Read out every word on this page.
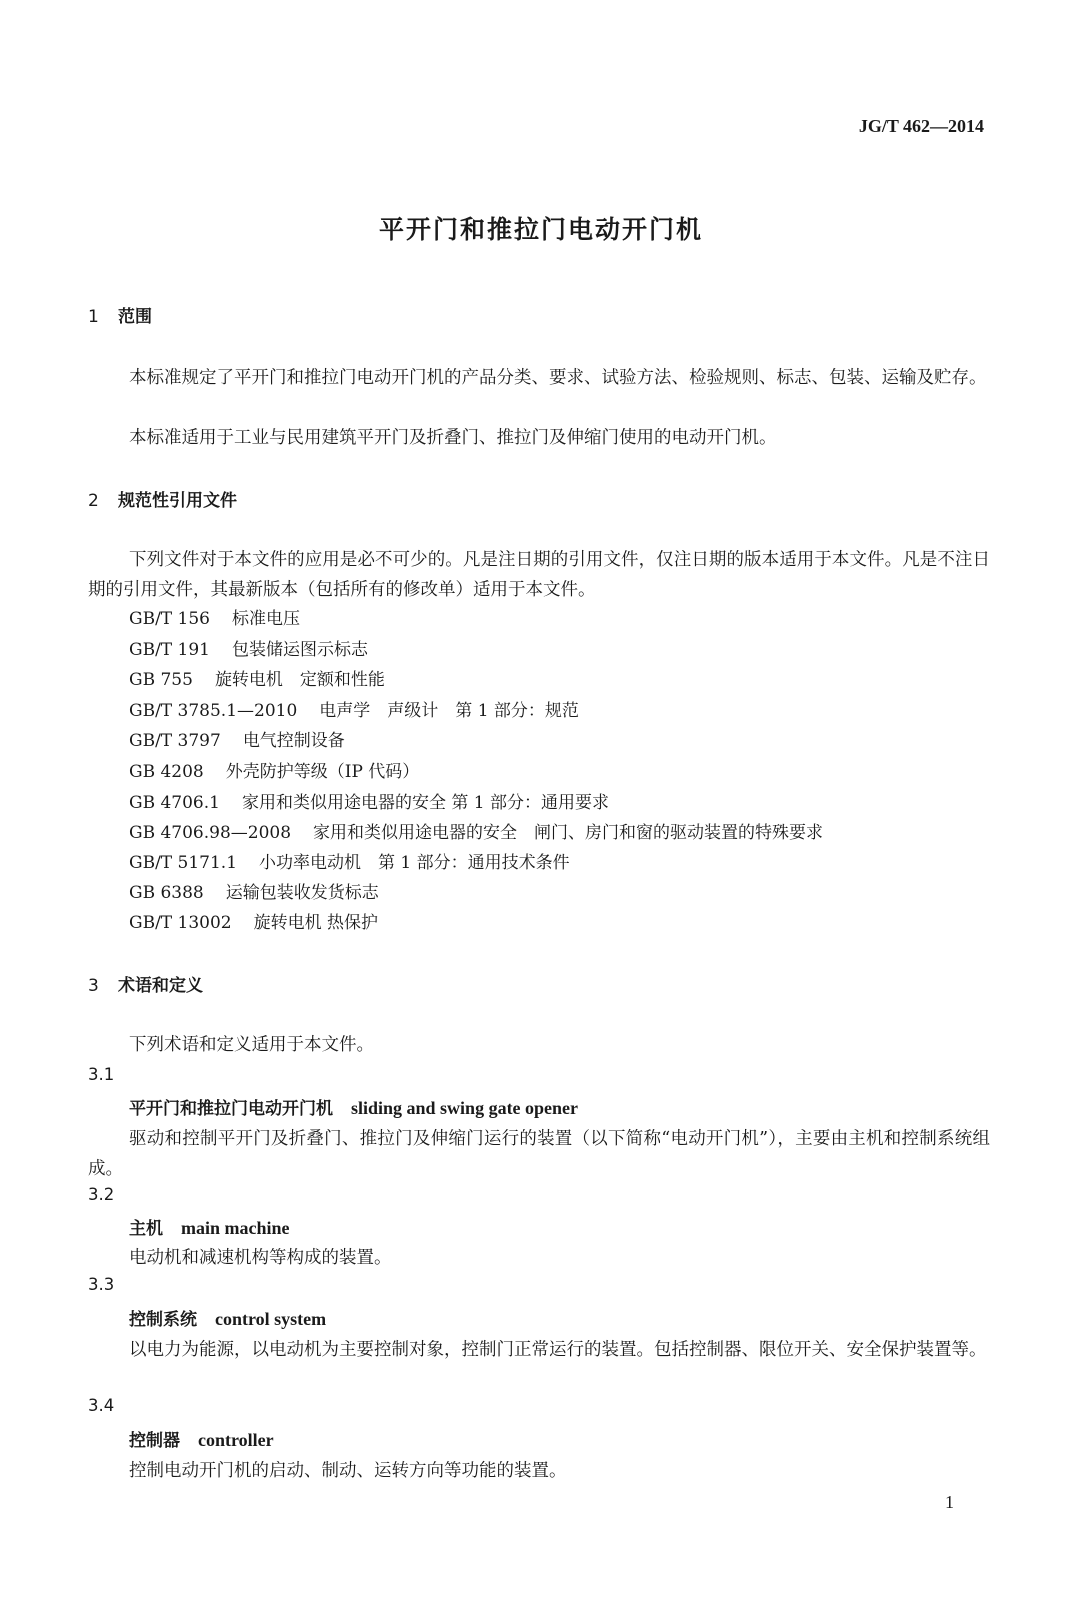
JG/T 462—2014
平开门和推拉门电动开门机
1 范围
本标准规定了平开门和推拉门电动开门机的产品分类、要求、试验方法、检验规则、标志、包装、运输及贮存。
本标准适用于工业与民用建筑平开门及折叠门、推拉门及伸缩门使用的电动开门机。
2 规范性引用文件
下列文件对于本文件的应用是必不可少的。凡是注日期的引用文件，仅注日期的版本适用于本文件。凡是不注日期的引用文件，其最新版本（包括所有的修改单）适用于本文件。
GB/T 156 标准电压
GB/T 191 包装储运图示标志
GB 755 旋转电机　定额和性能
GB/T 3785.1—2010 电声学　声级计　第 1 部分：规范
GB/T 3797 电气控制设备
GB 4208 外壳防护等级（IP 代码）
GB 4706.1 家用和类似用途电器的安全 第 1 部分：通用要求
GB 4706.98—2008 家用和类似用途电器的安全　闸门、房门和窗的驱动装置的特殊要求
GB/T 5171.1 小功率电动机　第 1 部分：通用技术条件
GB 6388 运输包装收发货标志
GB/T 13002 旋转电机 热保护
3 术语和定义
下列术语和定义适用于本文件。
3.1
平开门和推拉门电动开门机 sliding and swing gate opener
驱动和控制平开门及折叠门、推拉门及伸缩门运行的装置（以下简称“电动开门机”），主要由主机和控制系统组成。
3.2
主机 main machine
电动机和减速机构等构成的装置。
3.3
控制系统 control system
以电力为能源，以电动机为主要控制对象，控制门正常运行的装置。包括控制器、限位开关、安全保护装置等。
3.4
控制器 controller
控制电动开门机的启动、制动、运转方向等功能的装置。
1
